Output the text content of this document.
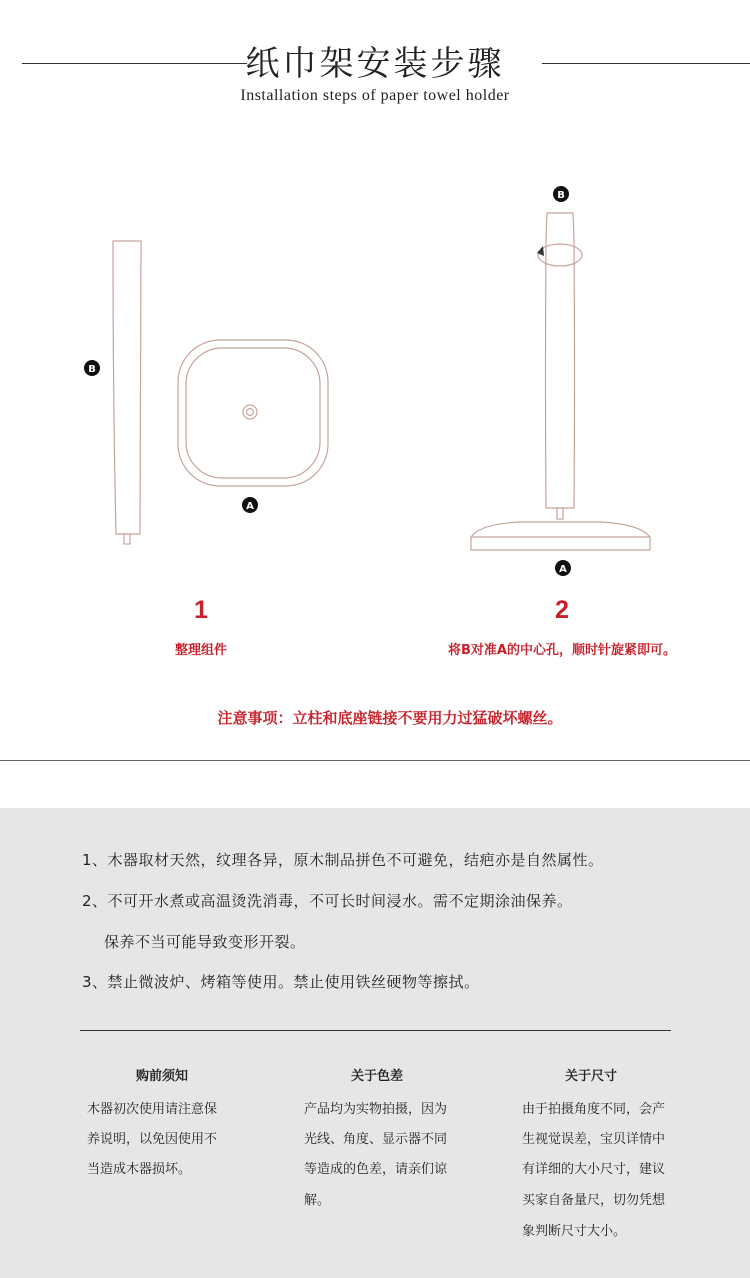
纸巾架安装步骤
Installation steps of paper towel holder
B
A
B
A
1
整理组件
2
将B对准A的中心孔，顺时针旋紧即可。
注意事项：立柱和底座链接不要用力过猛破坏螺丝。
1、木器取材天然，纹理各异，原木制品拼色不可避免，结疤亦是自然属性。
2、不可开水煮或高温烫洗消毒，不可长时间浸水。需不定期涂油保养。
保养不当可能导致变形开裂。
3、禁止微波炉、烤箱等使用。禁止使用铁丝硬物等擦拭。
购前须知
木器初次使用请注意保
养说明，以免因使用不
当造成木器损坏。
关于色差
产品均为实物拍摄，因为
光线、角度、显示器不同
等造成的色差，请亲们谅
解。
关于尺寸
由于拍摄角度不同，会产
生视觉误差，宝贝详情中
有详细的大小尺寸，建议
买家自备量尺，切勿凭想
象判断尺寸大小。
